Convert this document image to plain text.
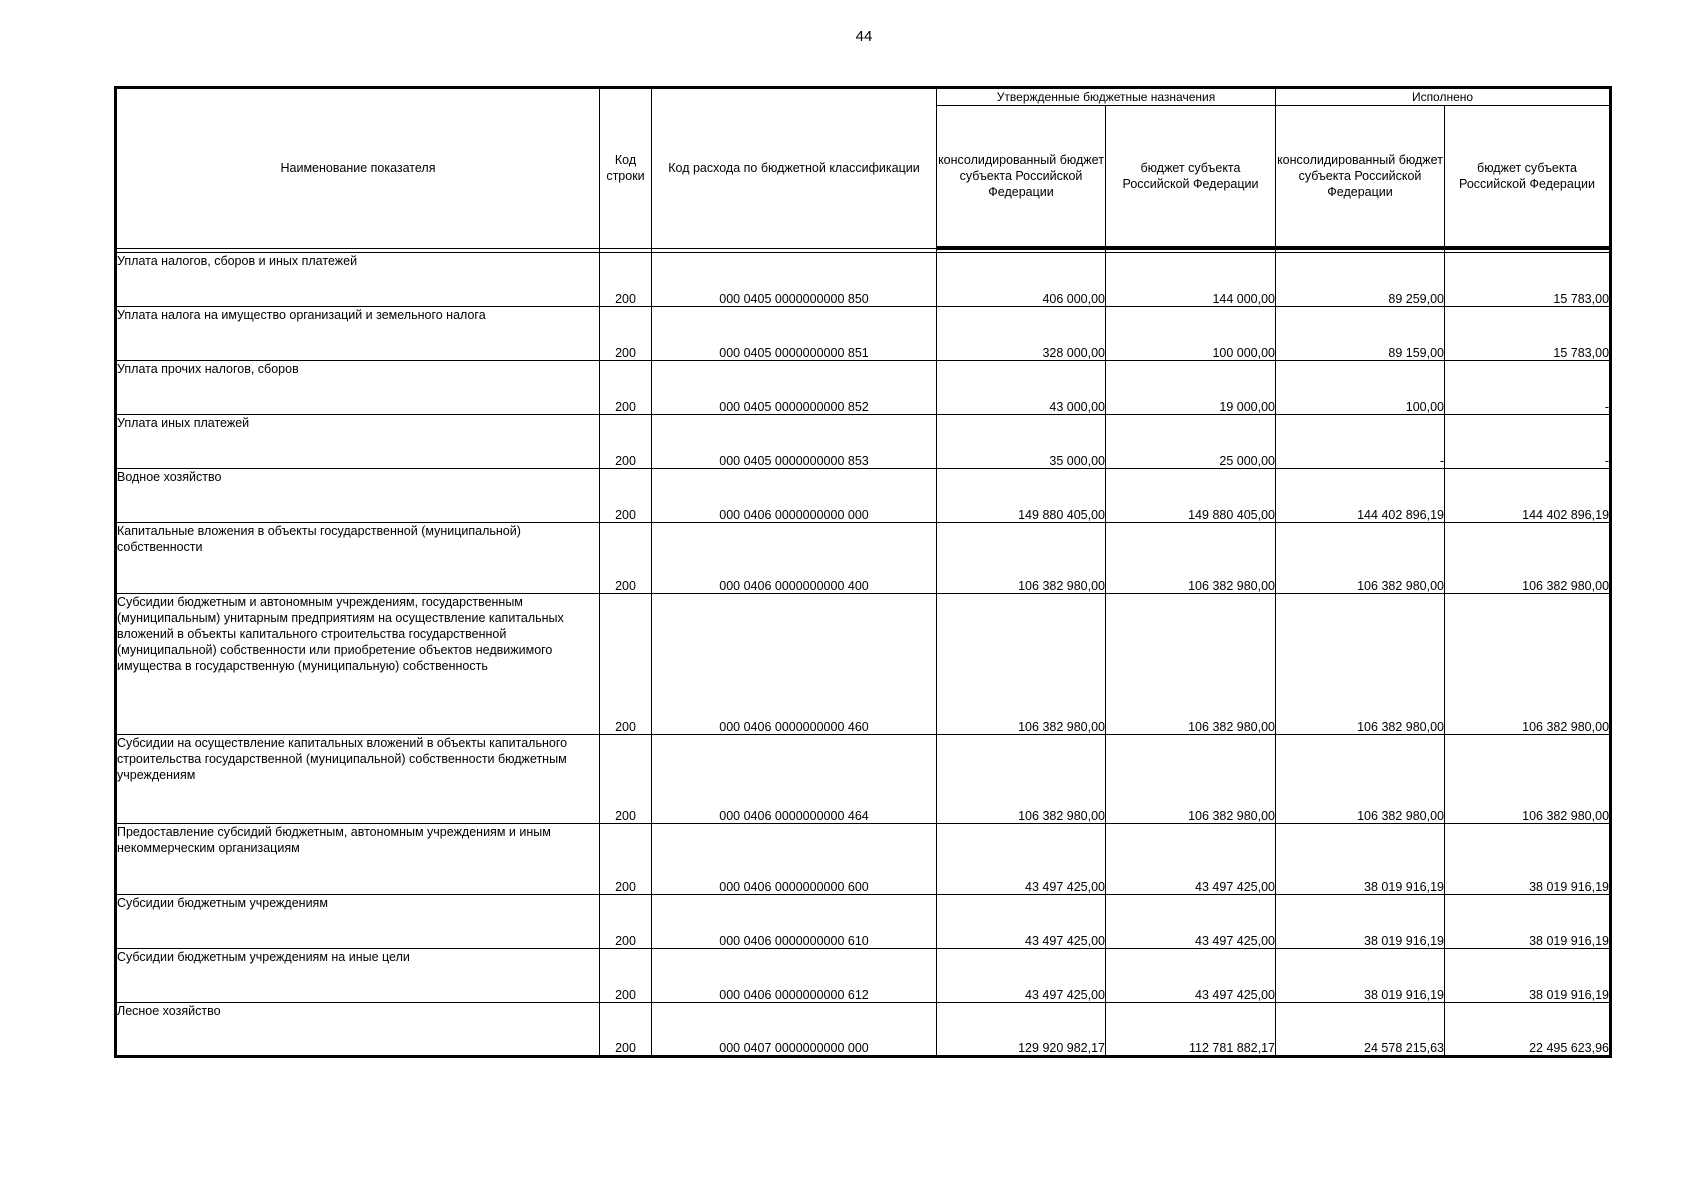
44
Наименование показателя	Код строки	Код расхода по бюджетной классификации	Утвержденные бюджетные назначения		Исполнено	
			консолидированный бюджет субъекта Российской Федерации	бюджет субъекта Российской Федерации	консолидированный бюджет субъекта Российской Федерации	бюджет субъекта Российской Федерации

Уплата налогов, сборов и иных платежей	200	000 0405 0000000000 850	406 000,00	144 000,00	89 259,00	15 783,00
Уплата налога на имущество организаций и земельного налога	200	000 0405 0000000000 851	328 000,00	100 000,00	89 159,00	15 783,00
Уплата прочих налогов, сборов	200	000 0405 0000000000 852	43 000,00	19 000,00	100,00	-
Уплата иных платежей	200	000 0405 0000000000 853	35 000,00	25 000,00	-	-
Водное хозяйство	200	000 0406 0000000000 000	149 880 405,00	149 880 405,00	144 402 896,19	144 402 896,19
Капитальные вложения в объекты государственной (муниципальной) собственности	200	000 0406 0000000000 400	106 382 980,00	106 382 980,00	106 382 980,00	106 382 980,00
Субсидии бюджетным и автономным учреждениям, государственным (муниципальным) унитарным предприятиям на осуществление капитальных вложений в объекты капитального строительства государственной (муниципальной) собственности или приобретение объектов недвижимого имущества в государственную (муниципальную) собственность	200	000 0406 0000000000 460	106 382 980,00	106 382 980,00	106 382 980,00	106 382 980,00
Субсидии на осуществление капитальных вложений в объекты капитального строительства государственной (муниципальной) собственности бюджетным учреждениям	200	000 0406 0000000000 464	106 382 980,00	106 382 980,00	106 382 980,00	106 382 980,00
Предоставление субсидий бюджетным, автономным учреждениям и иным некоммерческим организациям	200	000 0406 0000000000 600	43 497 425,00	43 497 425,00	38 019 916,19	38 019 916,19
Субсидии бюджетным учреждениям	200	000 0406 0000000000 610	43 497 425,00	43 497 425,00	38 019 916,19	38 019 916,19
Субсидии бюджетным учреждениям на иные цели	200	000 0406 0000000000 612	43 497 425,00	43 497 425,00	38 019 916,19	38 019 916,19
Лесное хозяйство	200	000 0407 0000000000 000	129 920 982,17	112 781 882,17	24 578 215,63	22 495 623,96
